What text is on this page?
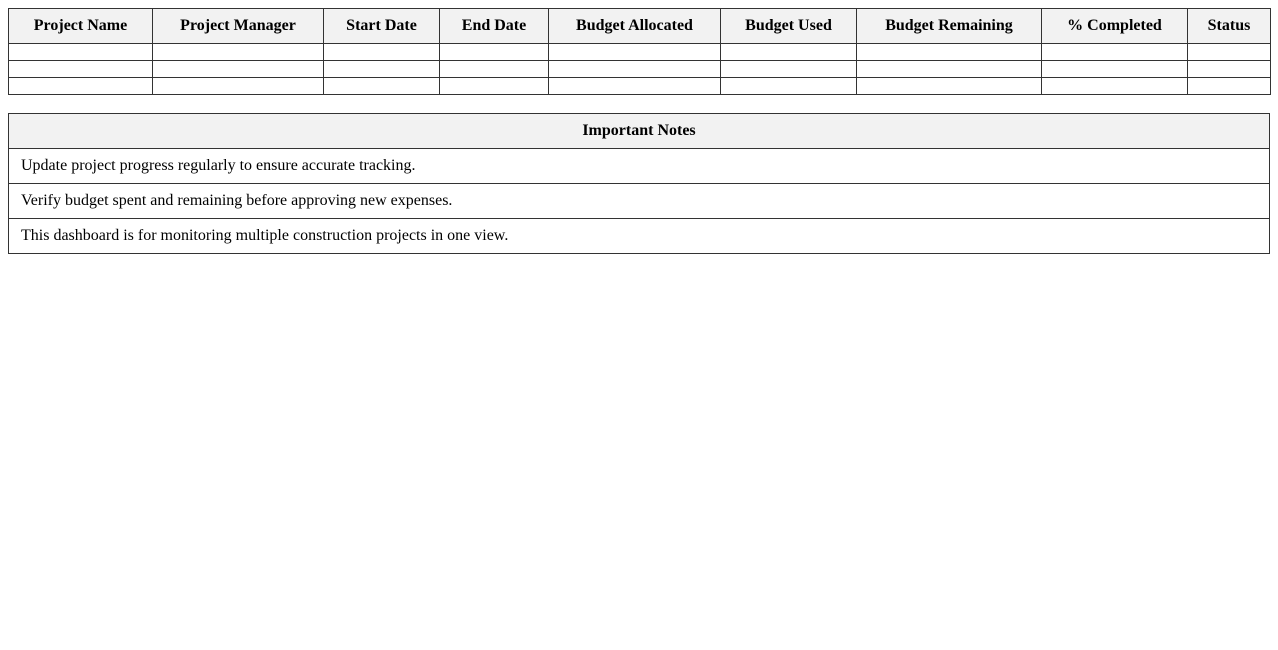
Project Name	Project Manager	Start Date	End Date	Budget Allocated	Budget Used	Budget Remaining	% Completed	Status

Important Notes
Update project progress regularly to ensure accurate tracking.
Verify budget spent and remaining before approving new expenses.
This dashboard is for monitoring multiple construction projects in one view.
